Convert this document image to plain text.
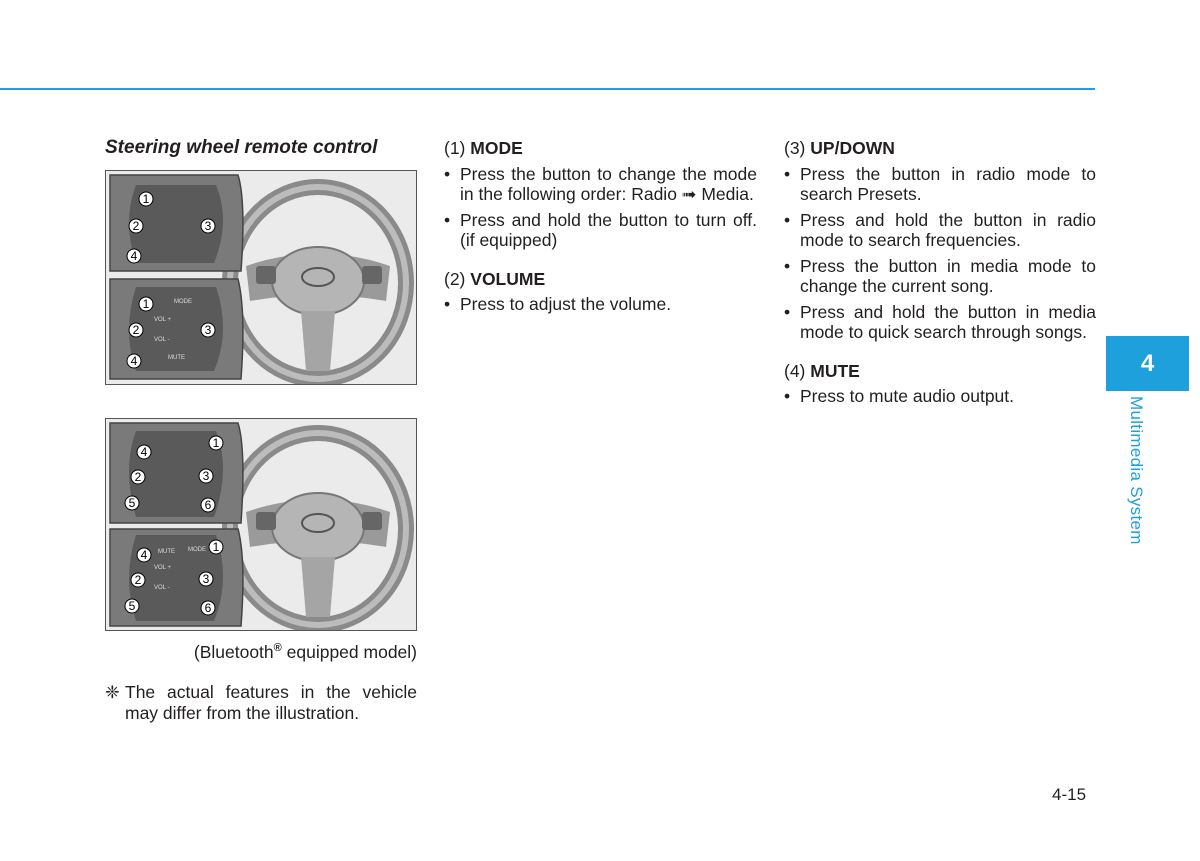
Steering wheel remote control
MODE
VOL +
VOL -
MUTE
1
2	3
4
1
2	3
4
MUTE MODE
VOL +
VOL -
1
4
2	3
5	6
1
4
2	3
5	6
(Bluetooth® equipped model)
❈ The actual features in the vehicle may differ from the illustration.
(1) MODE
• Press the button to change the mode in the following order: Radio ➟ Media.
• Press and hold the button to turn off. (if equipped)
(2) VOLUME
• Press to adjust the volume.
(3) UP/DOWN
• Press the button in radio mode to search Presets.
• Press and hold the button in radio mode to search frequencies.
• Press the button in media mode to change the current song.
• Press and hold the button in media mode to quick search through songs.
(4) MUTE
• Press to mute audio output.
4
Multimedia System
4-15
